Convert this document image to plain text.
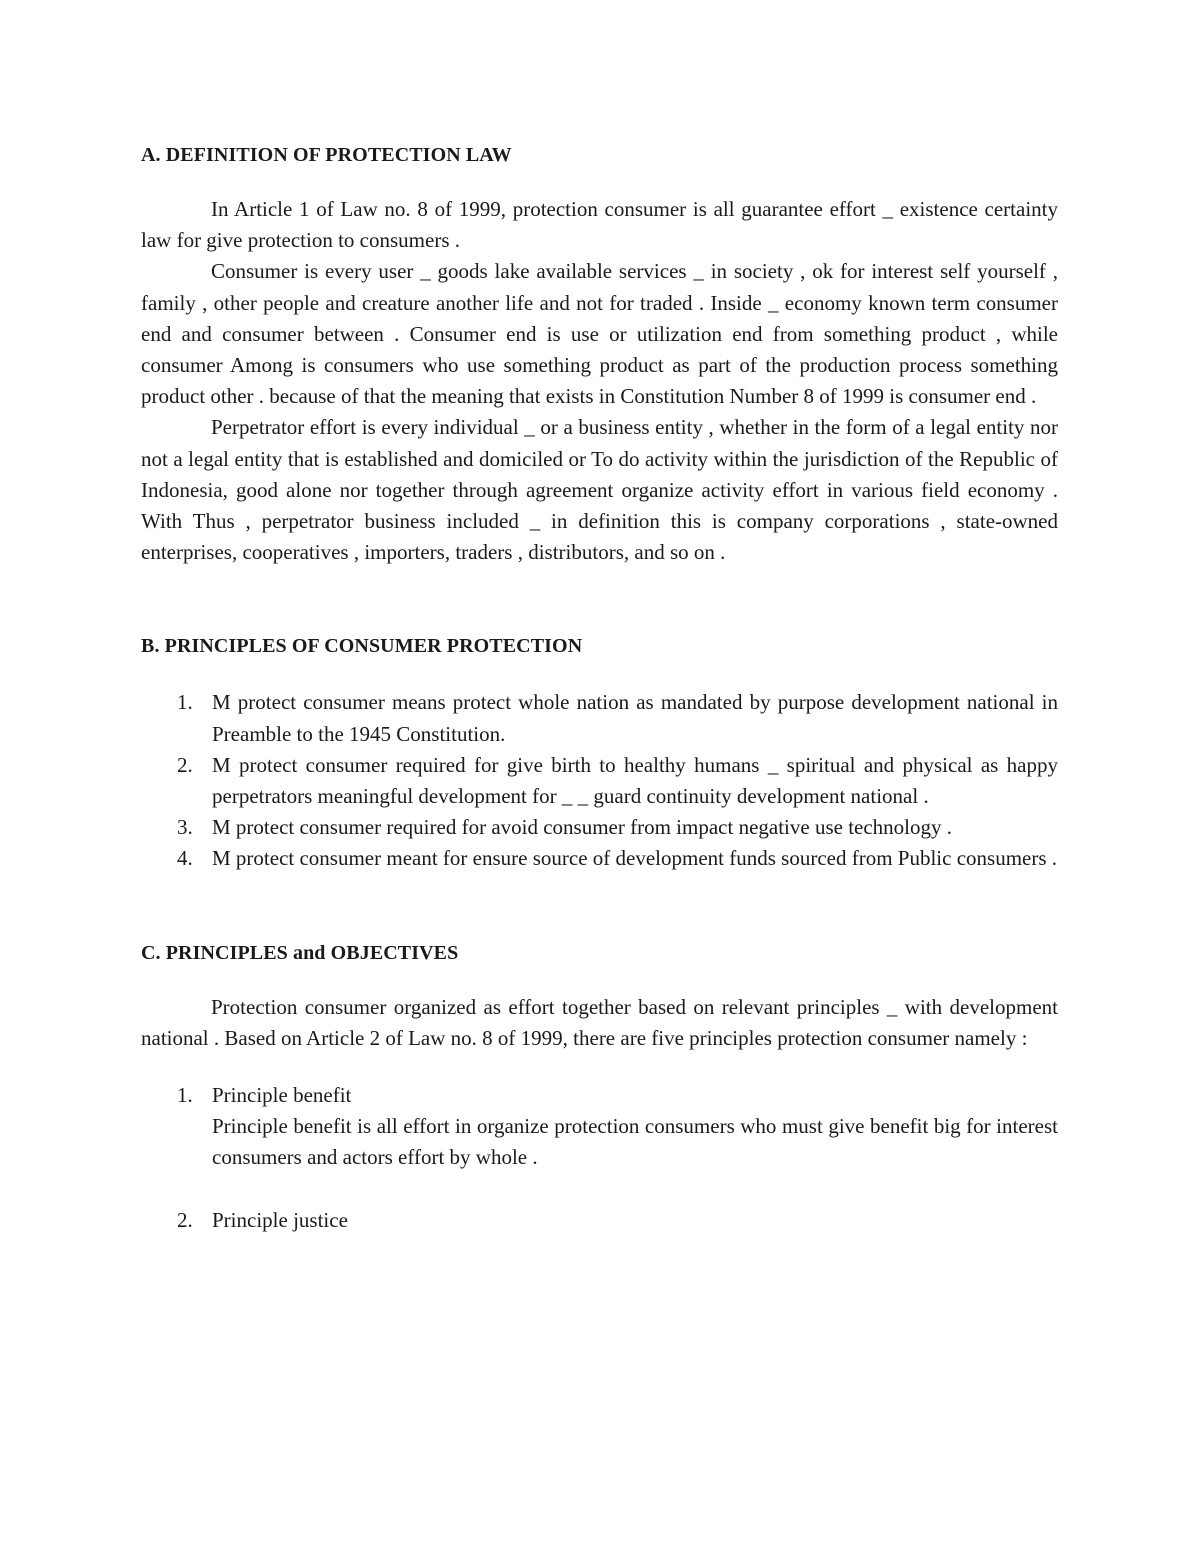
A. DEFINITION OF PROTECTION LAW

In Article 1 of Law no. 8 of 1999, protection consumer is all guarantee effort _ existence certainty law for give protection to consumers .

Consumer is every user _ goods lake available services _ in society , ok for interest self yourself , family , other people and creature another life and not for traded . Inside _ economy known term consumer end and consumer between . Consumer end is use or utilization end from something product , while consumer Among is consumers who use something product as part of the production process something product other . because of that the meaning that exists in Constitution Number 8 of 1999 is consumer end .

Perpetrator effort is every individual _ or a business entity , whether in the form of a legal entity nor not a legal entity that is established and domiciled or To do activity within the jurisdiction of the Republic of Indonesia, good alone nor together through agreement organize activity effort in various field economy . With Thus , perpetrator business included _ in definition this is company corporations , state-owned enterprises, cooperatives , importers, traders , distributors, and so on .

B. PRINCIPLES OF CONSUMER PROTECTION
1. M protect consumer means protect whole nation as mandated by purpose development national in Preamble to the 1945 Constitution.
2. M protect consumer required for give birth to healthy humans _ spiritual and physical as happy perpetrators meaningful development for _ _ guard continuity development national .
3. M protect consumer required for avoid consumer from impact negative use technology .
4. M protect consumer meant for ensure source of development funds sourced from Public consumers .
C. PRINCIPLES and OBJECTIVES

Protection consumer organized as effort together based on relevant principles _ with development national . Based on Article 2 of Law no. 8 of 1999, there are five principles protection consumer namely :

1. Principle benefit
Principle benefit is all effort in organize protection consumers who must give benefit big for interest consumers and actors effort by whole .
2. Principle justice
